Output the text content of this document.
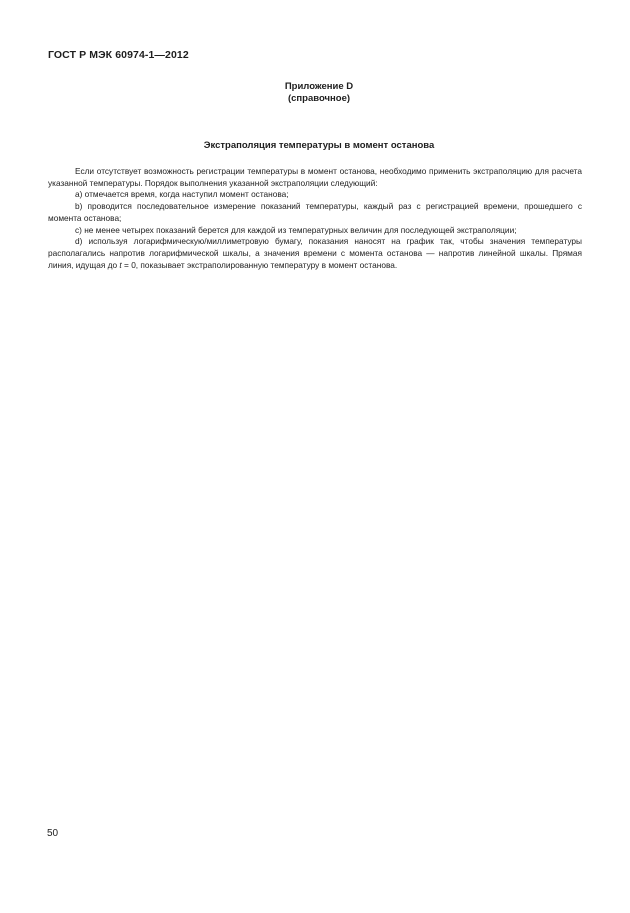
ГОСТ Р МЭК 60974-1—2012
Приложение D
(справочное)
Экстраполяция температуры в момент останова

Если отсутствует возможность регистрации температуры в момент останова, необходимо применить экстраполяцию для расчета указанной температуры. Порядок выполнения указанной экстраполяции следующий:

а) отмечается время, когда наступил момент останова;

b) проводится последовательное измерение показаний температуры, каждый раз с регистрацией времени, прошедшего с момента останова;

с) не менее четырех показаний берется для каждой из температурных величин для последующей экстраполяции;

d) используя логарифмическую/миллиметровую бумагу, показания наносят на график так, чтобы значения температуры располагались напротив логарифмической шкалы, а значения времени с момента останова — напротив линейной шкалы. Прямая линия, идущая до t = 0, показывает экстраполированную температуру в момент останова.

50
